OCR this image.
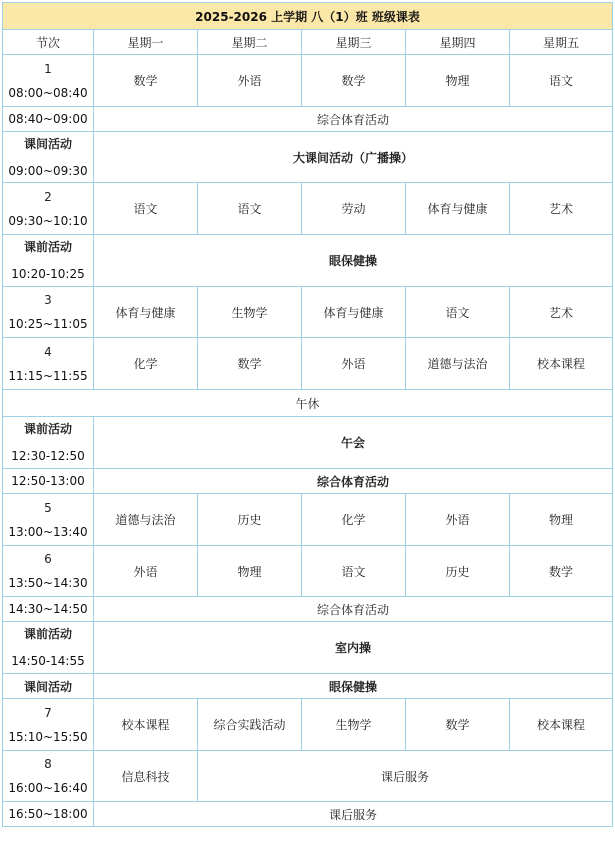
2025-2026 上学期 八（1）班 班级课表					
节次	星期一	星期二	星期三	星期四	星期五

1
08:00~08:40	数学	外语	数学	物理	语文
08:40~09:00	综合体育活动				

课间活动
09:00~09:30	大课间活动（广播操）				

2
09:30~10:10	语文	语文	劳动	体育与健康	艺术

课前活动
10:20-10:25	眼保健操				

3
10:25~11:05	体育与健康	生物学	体育与健康	语文	艺术

4
11:15~11:55	化学	数学	外语	道德与法治	校本课程
午休					

课前活动
12:30-12:50	午会				
12:50-13:00	综合体育活动				

5
13:00~13:40	道德与法治	历史	化学	外语	物理

6
13:50~14:30	外语	物理	语文	历史	数学
14:30~14:50	综合体育活动				

课前活动
14:50-14:55	室内操				
课间活动	眼保健操				

7
15:10~15:50	校本课程	综合实践活动	生物学	数学	校本课程

8
16:00~16:40	信息科技	课后服务			
16:50~18:00	课后服务				
